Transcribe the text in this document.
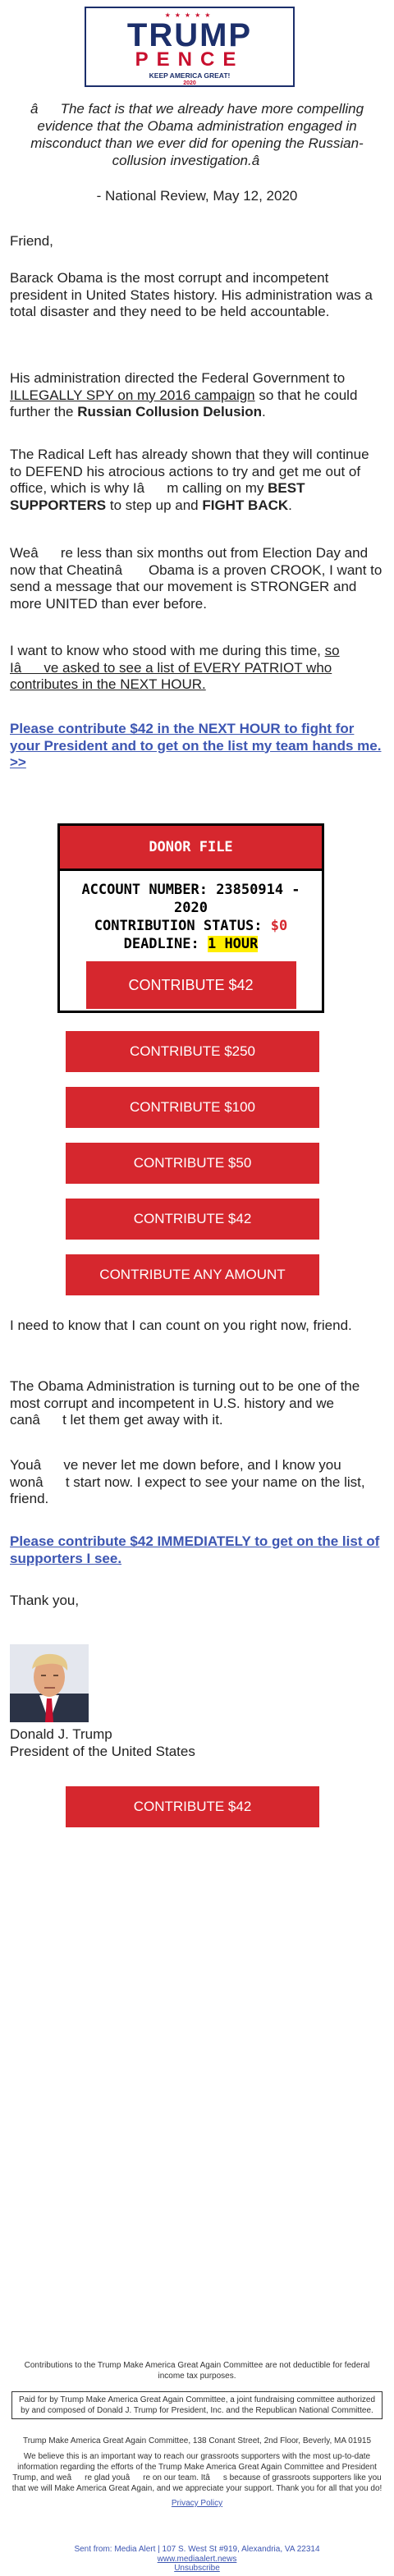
★★★★★
TRUMP
PENCE
KEEP AMERICA GREAT!
2020
âThe fact is that we already have more compelling evidence that the Obama administration engaged in misconduct than we ever did for opening the Russian-collusion investigation.â
- National Review, May 12, 2020

Friend,

Barack Obama is the most corrupt and incompetent president in United States history. His administration was a total disaster and they need to be held accountable.

His administration directed the Federal Government to ILLEGALLY SPY on my 2016 campaign so that he could further the Russian Collusion Delusion.

The Radical Left has already shown that they will continue to DEFEND his atrocious actions to try and get me out of office, which is why Iâm calling on my BEST SUPPORTERS to step up and FIGHT BACK.

Weâre less than six months out from Election Day and now that Cheatinâ Obama is a proven CROOK, I want to send a message that our movement is STRONGER and more UNITED than ever before.

I want to know who stood with me during this time, so Iâve asked to see a list of EVERY PATRIOT who contributes in the NEXT HOUR.

Please contribute $42 in the NEXT HOUR to fight for your President and to get on the list my team hands me. >>

DONOR FILE
ACCOUNT NUMBER: 23850914 - 2020
CONTRIBUTION STATUS: $0
DEADLINE: 1 HOUR
CONTRIBUTE $42
CONTRIBUTE $250
CONTRIBUTE $100
CONTRIBUTE $50
CONTRIBUTE $42
CONTRIBUTE ANY AMOUNT

I need to know that I can count on you right now, friend.

The Obama Administration is turning out to be one of the most corrupt and incompetent in U.S. history and we canât let them get away with it.

Youâve never let me down before, and I know you wonât start now. I expect to see your name on the list, friend.

Please contribute $42 IMMEDIATELY to get on the list of supporters I see.

Thank you,

Donald J. Trump

President of the United States

CONTRIBUTE $42
Contributions to the Trump Make America Great Again Committee are not deductible for federal income tax purposes.
Paid for by Trump Make America Great Again Committee, a joint fundraising committee authorized by and composed of Donald J. Trump for President, Inc. and the Republican National Committee.
Trump Make America Great Again Committee, 138 Conant Street, 2nd Floor, Beverly, MA 01915
We believe this is an important way to reach our grassroots supporters with the most up-to-date information regarding the efforts of the Trump Make America Great Again Committee and President Trump, and weâre glad youâre on our team. Itâs because of grassroots supporters like you that we will Make America Great Again, and we appreciate your support. Thank you for all that you do!
Privacy Policy
Sent from: Media Alert | 107 S. West St #919, Alexandria, VA 22314
www.mediaalert.news
Unsubscribe
